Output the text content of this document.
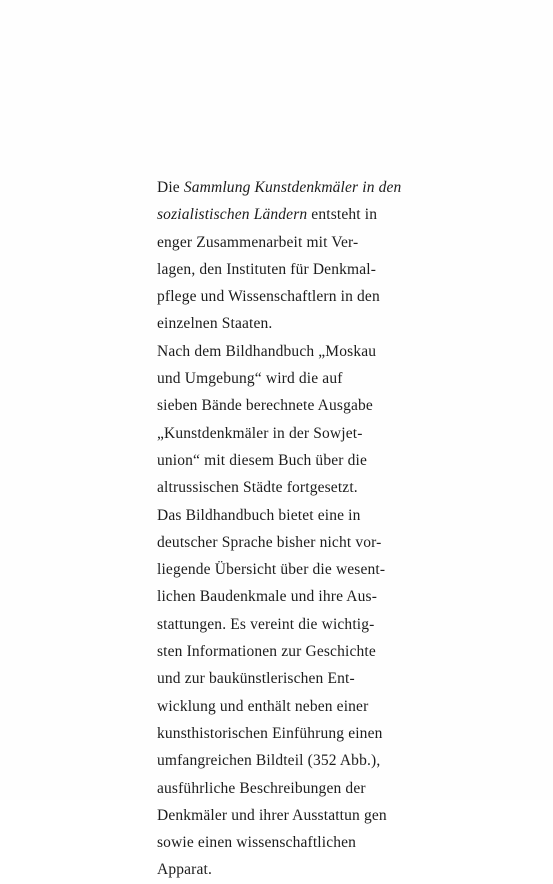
Die Sammlung Kunstdenkmäler in den
sozialistischen Ländern entsteht in
enger Zusammenarbeit mit Ver-
lagen, den Instituten für Denkmal-
pflege und Wissenschaftlern in den
einzelnen Staaten.
Nach dem Bildhandbuch „Moskau
und Umgebung“ wird die auf
sieben Bände berechnete Ausgabe
„Kunstdenkmäler in der Sowjet-
union“ mit diesem Buch über die
altrussischen Städte fortgesetzt.
Das Bildhandbuch bietet eine in
deutscher Sprache bisher nicht vor-
liegende Übersicht über die wesent-
lichen Baudenkmale und ihre Aus-
stattungen. Es vereint die wichtig-
sten Informationen zur Geschichte
und zur baukünstlerischen Ent-
wicklung und enthält neben einer
kunsthistorischen Einführung einen
umfangreichen Bildteil (352 Abb.),
ausführliche Beschreibungen der
Denkmäler und ihrer Ausstattun gen
sowie einen wissenschaftlichen
Apparat.
